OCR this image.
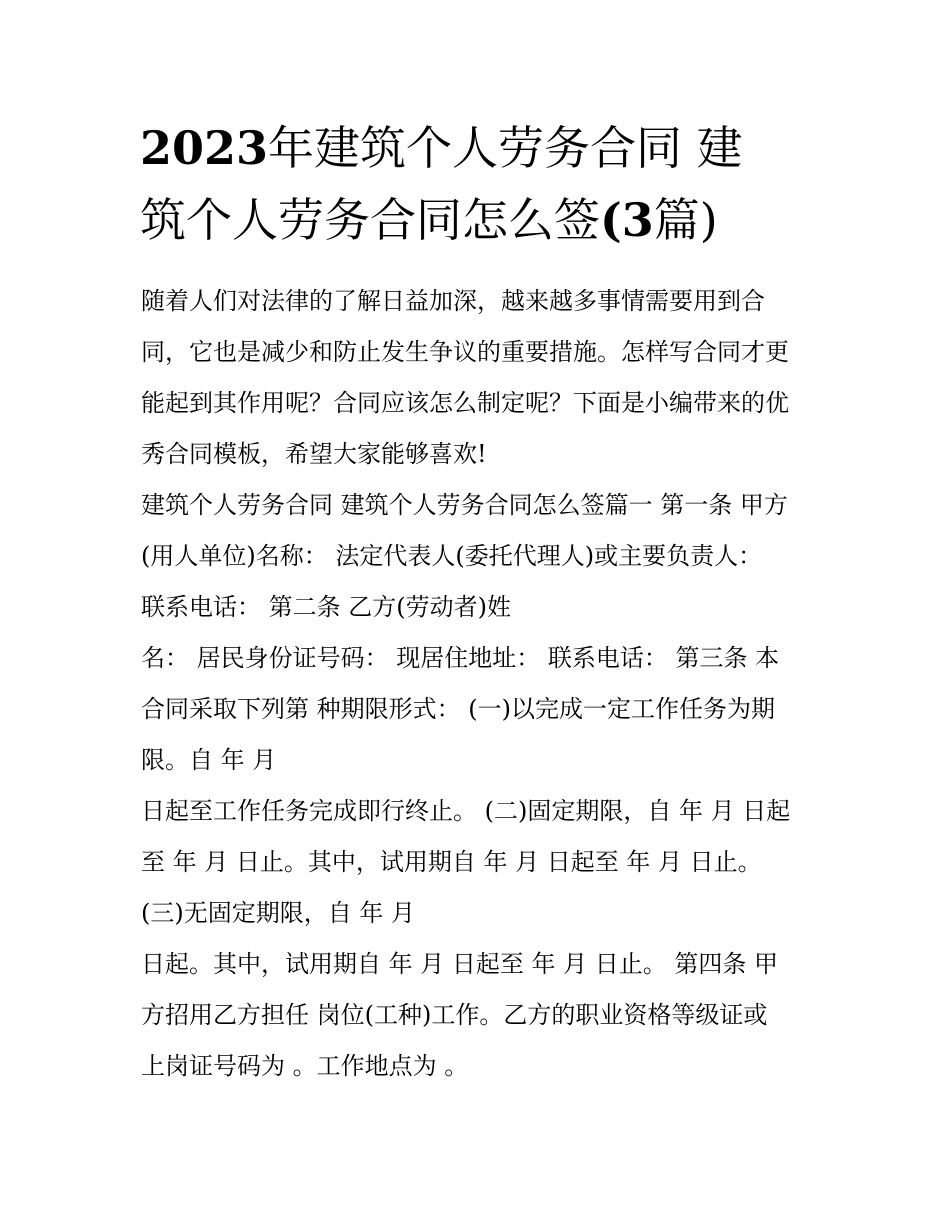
2023年建筑个人劳务合同 建
筑个人劳务合同怎么签(3篇)
随着人们对法律的了解日益加深，越来越多事情需要用到合
同，它也是减少和防止发生争议的重要措施。怎样写合同才更
能起到其作用呢？合同应该怎么制定呢？下面是小编带来的优
秀合同模板，希望大家能够喜欢!
建筑个人劳务合同 建筑个人劳务合同怎么签篇一 第一条 甲方
(用人单位)名称： 法定代表人(委托代理人)或主要负责人：
联系电话： 第二条 乙方(劳动者)姓
名： 居民身份证号码： 现居住地址： 联系电话： 第三条 本
合同采取下列第 种期限形式： (一)以完成一定工作任务为期
限。自 年 月
日起至工作任务完成即行终止。 (二)固定期限，自 年 月 日起
至 年 月 日止。其中，试用期自 年 月 日起至 年 月 日止。
(三)无固定期限，自 年 月
日起。其中，试用期自 年 月 日起至 年 月 日止。 第四条 甲
方招用乙方担任 岗位(工种)工作。乙方的职业资格等级证或
上岗证号码为 。工作地点为 。
